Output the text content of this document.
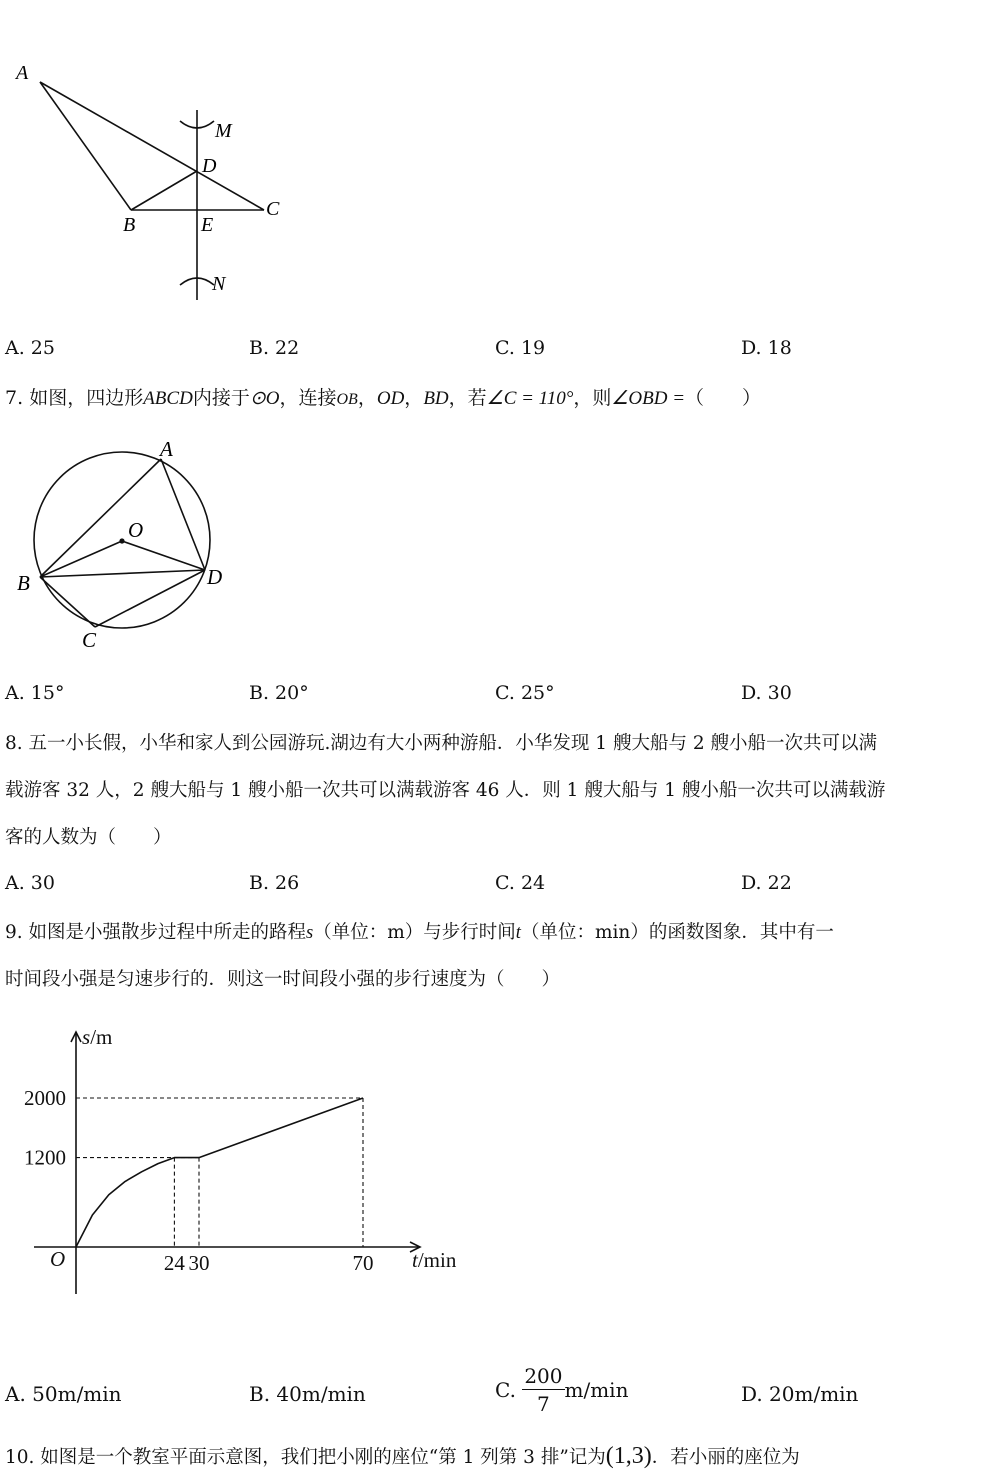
A
M
D
B	E
C
N
A. 25	B. 22	C. 19	D. 18
7. 如图，四边形ABCD内接于⊙O，连接OB，OD，BD，若∠C = 110°，则∠OBD =（　　）
A
O
B	D
C
A. 15°	B. 20°	C. 25°	D. 30
8. 五一小长假，小华和家人到公园游玩.湖边有大小两种游船．小华发现 1 艘大船与 2 艘小船一次共可以满
载游客 32 人，2 艘大船与 1 艘小船一次共可以满载游客 46 人．则 1 艘大船与 1 艘小船一次共可以满载游
客的人数为（　　）
A. 30	B. 26	C. 24	D. 22
9. 如图是小强散步过程中所走的路程s（单位：m）与步行时间t（单位：min）的函数图象．其中有一
时间段小强是匀速步行的．则这一时间段小强的步行速度为（　　）
s/m
t/min
O
1200
2000
24 30	70
A. 50m/min	B. 40m/min	C. $\frac{200}{7} m/\min$	D. 20m/min
10. 如图是一个教室平面示意图，我们把小刚的座位“第 1 列第 3 排”记为(1,3)．若小丽的座位为
